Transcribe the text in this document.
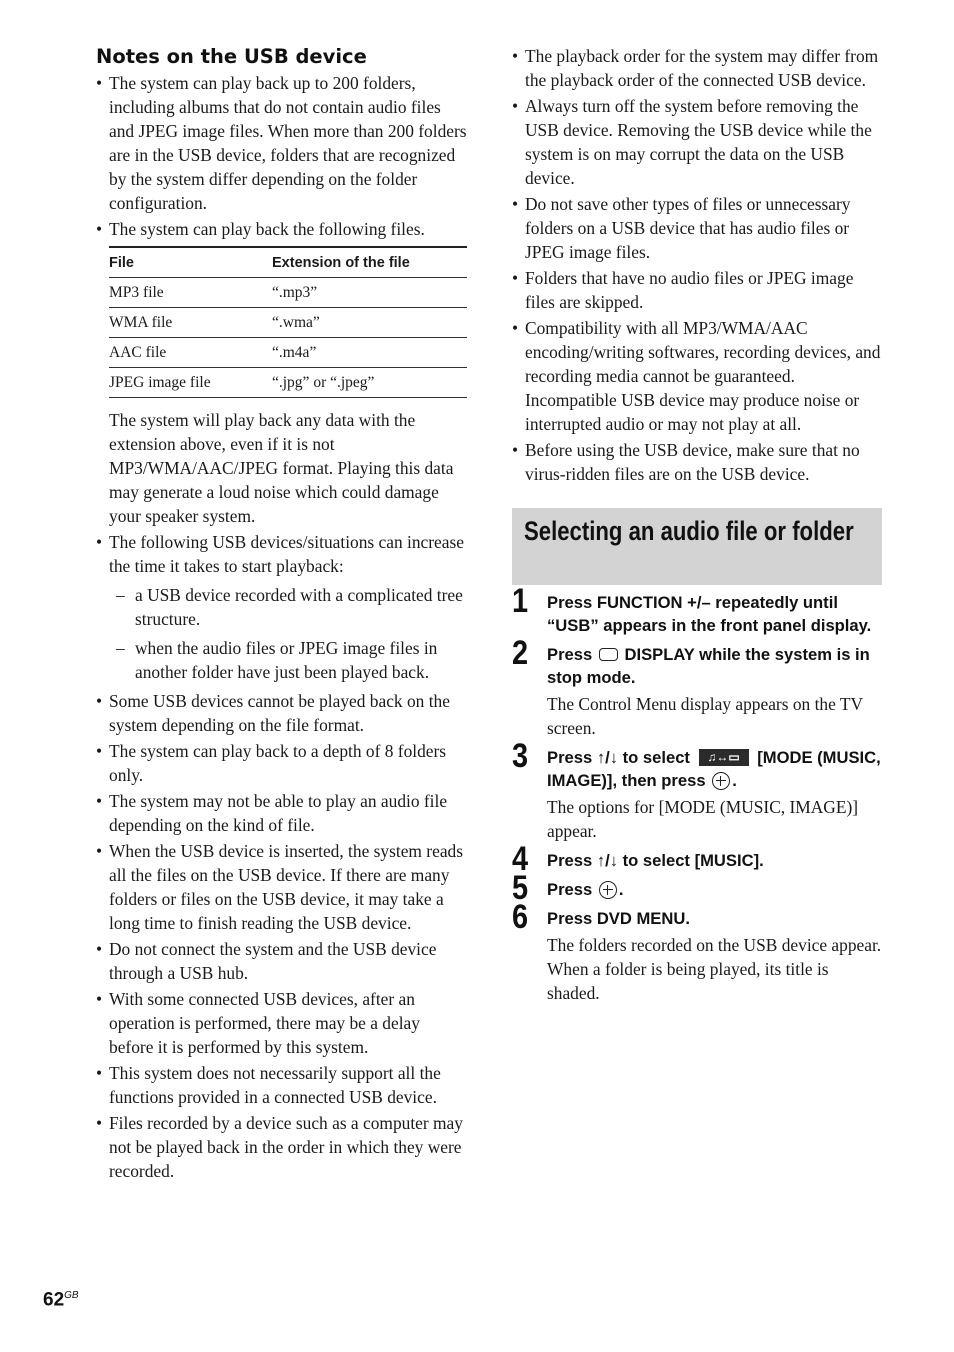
Notes on the USB device
• The system can play back up to 200 folders, including albums that do not contain audio files and JPEG image files. When more than 200 folders are in the USB device, folders that are recognized by the system differ depending on the folder configuration.
• The system can play back the following files.
File	Extension of the file
MP3 file	“.mp3”
WMA file	“.wma”
AAC file	“.m4a”
JPEG image file	“.jpg” or “.jpeg”
The system will play back any data with the extension above, even if it is not MP3/WMA/AAC/JPEG format. Playing this data may generate a loud noise which could damage your speaker system.
• The following USB devices/situations can increase the time it takes to start playback:
– a USB device recorded with a complicated tree structure.
– when the audio files or JPEG image files in another folder have just been played back.
• Some USB devices cannot be played back on the system depending on the file format.
• The system can play back to a depth of 8 folders only.
• The system may not be able to play an audio file depending on the kind of file.
• When the USB device is inserted, the system reads all the files on the USB device. If there are many folders or files on the USB device, it may take a long time to finish reading the USB device.
• Do not connect the system and the USB device through a USB hub.
• With some connected USB devices, after an operation is performed, there may be a delay before it is performed by this system.
• This system does not necessarily support all the functions provided in a connected USB device.
• Files recorded by a device such as a computer may not be played back in the order in which they were recorded.
• The playback order for the system may differ from the playback order of the connected USB device.
• Always turn off the system before removing the USB device. Removing the USB device while the system is on may corrupt the data on the USB device.
• Do not save other types of files or unnecessary folders on a USB device that has audio files or JPEG image files.
• Folders that have no audio files or JPEG image files are skipped.
• Compatibility with all MP3/WMA/AAC encoding/writing softwares, recording devices, and recording media cannot be guaranteed. Incompatible USB device may produce noise or interrupted audio or may not play at all.
• Before using the USB device, make sure that no virus-ridden files are on the USB device.
Selecting an audio file or folder
1 Press FUNCTION +/– repeatedly until “USB” appears in the front panel display.
2 Press DISPLAY while the system is in stop mode.
The Control Menu display appears on the TV screen.
3 Press ↑/↓ to select ♫↔▭ [MODE (MUSIC, IMAGE)], then press .
The options for [MODE (MUSIC, IMAGE)] appear.
4 Press ↑/↓ to select [MUSIC].
5 Press .
6 Press DVD MENU.
The folders recorded on the USB device appear. When a folder is being played, its title is shaded.
$62^{GB}$
